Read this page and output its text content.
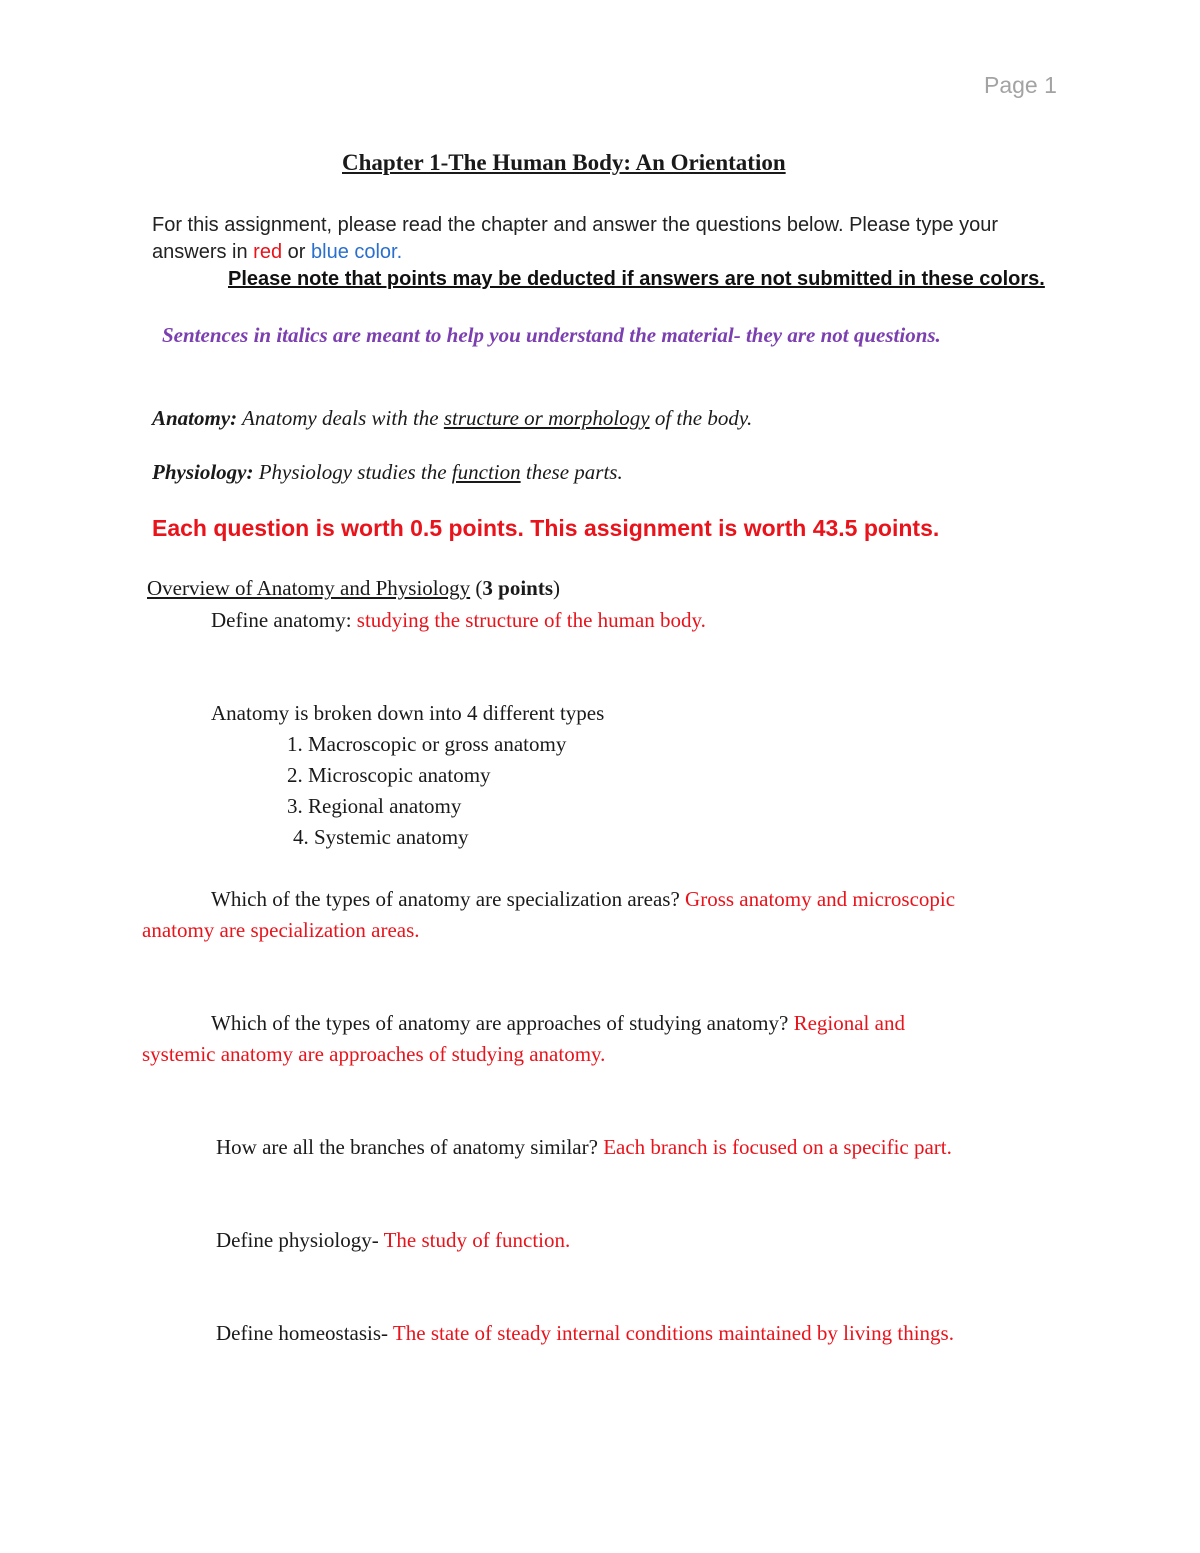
Page 1
Chapter 1-The Human Body: An Orientation
For this assignment, please read the chapter and answer the questions below. Please type your
answers in red or blue color.
Please note that points may be deducted if answers are not submitted in these colors.
Sentences in italics are meant to help you understand the material- they are not questions.
Anatomy: Anatomy deals with the structure or morphology of the body.
Physiology: Physiology studies the function these parts.
Each question is worth 0.5 points. This assignment is worth 43.5 points.
Overview of Anatomy and Physiology (3 points)
Define anatomy: studying the structure of the human body.
Anatomy is broken down into 4 different types
1. Macroscopic or gross anatomy
2. Microscopic anatomy
3. Regional anatomy
4. Systemic anatomy
Which of the types of anatomy are specialization areas? Gross anatomy and microscopic
anatomy are specialization areas.
Which of the types of anatomy are approaches of studying anatomy? Regional and
systemic anatomy are approaches of studying anatomy.
How are all the branches of anatomy similar? Each branch is focused on a specific part.
Define physiology- The study of function.
Define homeostasis- The state of steady internal conditions maintained by living things.
